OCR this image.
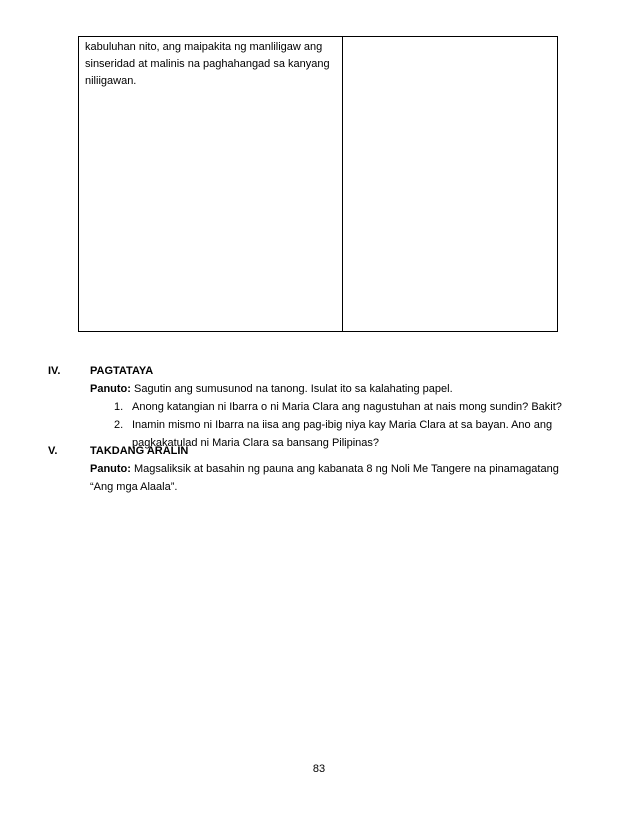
kabuluhan nito, ang maipakita ng manliligaw ang

sinseridad at malinis na paghahangad sa kanyang

niliigawan.

IV.	PAGTATAYA
Panuto: Sagutin ang sumusunod na tanong. Isulat ito sa kalahating papel.
1. Anong katangian ni Ibarra o ni Maria Clara ang nagustuhan at nais mong sundin? Bakit?
2. Inamin mismo ni Ibarra na iisa ang pag-ibig niya kay Maria Clara at sa bayan. Ano ang
pagkakatulad ni Maria Clara sa bansang Pilipinas?
V.	TAKDANG ARALIN
Panuto: Magsaliksik at basahin ng pauna ang kabanata 8 ng Noli Me Tangere na pinamagatang
“Ang mga Alaala”.
83
